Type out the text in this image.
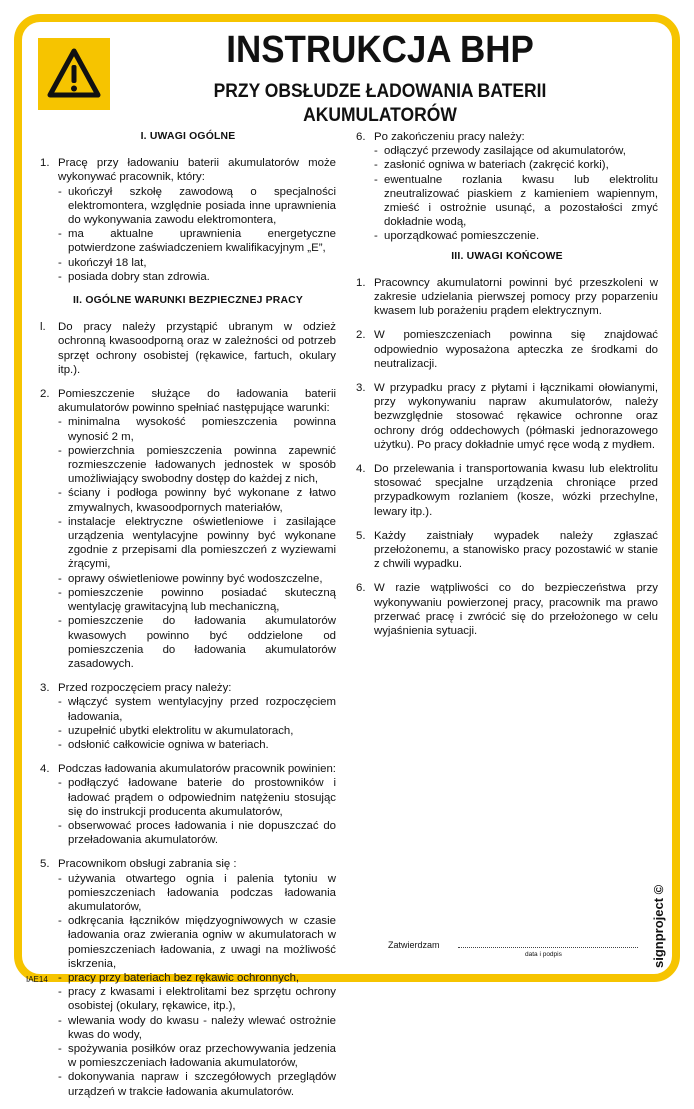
INSTRUKCJA BHP
PRZY OBSŁUDZE ŁADOWANIA BATERII AKUMULATORÓW
I. UWAGI OGÓLNE
1. Pracę przy ładowaniu baterii akumulatorów może wykonywać pracownik, który:
- ukończył szkołę zawodową o specjalności elektromontera, względnie posiada inne uprawnienia do wykonywania zawodu elektromontera,
- ma aktualne uprawnienia energetyczne potwierdzone zaświadczeniem kwalifikacyjnym „E”,
- ukończył 18 lat,
- posiada dobry stan zdrowia.
II. OGÓLNE WARUNKI BEZPIECZNEJ PRACY
l.	Do pracy należy przystąpić ubranym w odzież ochronną kwasoodporną oraz w zależności od potrzeb sprzęt ochrony osobistej (rękawice, fartuch, okulary itp.).
2. Pomieszczenie służące do ładowania baterii akumulatorów powinno spełniać następujące warunki:
- minimalna wysokość pomieszczenia powinna wynosić 2 m,
- powierzchnia pomieszczenia powinna zapewnić rozmieszczenie ładowanych jednostek w sposób umożliwiający swobodny dostęp do każdej z nich,
- ściany i podłoga powinny być wykonane z łatwo zmywalnych, kwasoodpornych materiałów,
- instalacje elektryczne oświetleniowe i zasilające urządzenia wentylacyjne powinny być wykonane zgodnie z przepisami dla pomieszczeń z wyziewami żrącymi,
- oprawy oświetleniowe powinny być wodoszczelne,
- pomieszczenie powinno posiadać skuteczną wentylację grawitacyjną lub mechaniczną,
- pomieszczenie do ładowania akumulatorów kwasowych powinno być oddzielone od pomieszczenia do ładowania akumulatorów zasadowych.
3. Przed rozpoczęciem pracy należy:
- włączyć system wentylacyjny przed rozpoczęciem ładowania,
- uzupełnić ubytki elektrolitu w akumulatorach,
- odsłonić całkowicie ogniwa w bateriach.
4. Podczas ładowania akumulatorów pracownik powinien:
- podłączyć ładowane baterie do prostowników i ładować prądem o odpowiednim natężeniu stosując się do instrukcji producenta akumulatorów,
- obserwować proces ładowania i nie dopuszczać do przeładowania akumulatorów.
5. Pracownikom obsługi zabrania się :
- używania otwartego ognia i palenia tytoniu w pomieszczeniach ładowania podczas ładowania akumulatorów,
- odkręcania łączników międzyogniwowych w czasie ładowania oraz zwierania ogniw w akumulatorach w pomieszczeniach ładowania, z uwagi na możliwość iskrzenia,
- pracy przy bateriach bez rękawic ochronnych,
- pracy z kwasami i elektrolitami bez sprzętu ochrony osobistej (okulary, rękawice, itp.),
- wlewania wody do kwasu - należy wlewać ostrożnie kwas do wody,
- spożywania posiłków oraz przechowywania jedzenia w pomieszczeniach ładowania akumulatorów,
- dokonywania napraw i szczegółowych przeglądów urządzeń w trakcie ładowania akumulatorów.
6. Po zakończeniu pracy należy:
- odłączyć przewody zasilające od akumulatorów,
- zasłonić ogniwa w bateriach (zakręcić korki),
- ewentualne rozlania kwasu lub elektrolitu zneutralizować piaskiem z kamieniem wapiennym, zmieść i ostrożnie usunąć, a pozostałości zmyć dokładnie wodą,
- uporządkować pomieszczenie.
III. UWAGI KOŃCOWE
1. Pracowncy akumulatorni powinni być przeszkoleni w zakresie udzielania pierwszej pomocy przy poparzeniu kwasem lub porażeniu prądem elektrycznym.
2. W pomieszczeniach powinna się znajdować odpowiednio wyposażona apteczka ze środkami do neutralizacji.
3. W przypadku pracy z płytami i łącznikami ołowianymi, przy wykonywaniu napraw akumulatorów, należy bezwzględnie stosować rękawice ochronne oraz ochrony dróg oddechowych (półmaski jednorazowego użytku). Po pracy dokładnie umyć ręce wodą z mydłem.
4. Do przelewania i transportowania kwasu lub elektrolitu stosować specjalne urządzenia chroniące przed przypadkowym rozlaniem (kosze, wózki przechylne, lewary itp.).
5. Każdy zaistniały wypadek należy zgłaszać przełożonemu, a stanowisko pracy pozostawić w stanie z chwili wypadku.
6. W razie wątpliwości co do bezpieczeństwa przy wykonywaniu powierzonej pracy, pracownik ma prawo przerwać pracę i zwrócić się do przełożonego w celu wyjaśnienia sytuacji.
Zatwierdzam
data i podpis
IAE14
signproject ©
